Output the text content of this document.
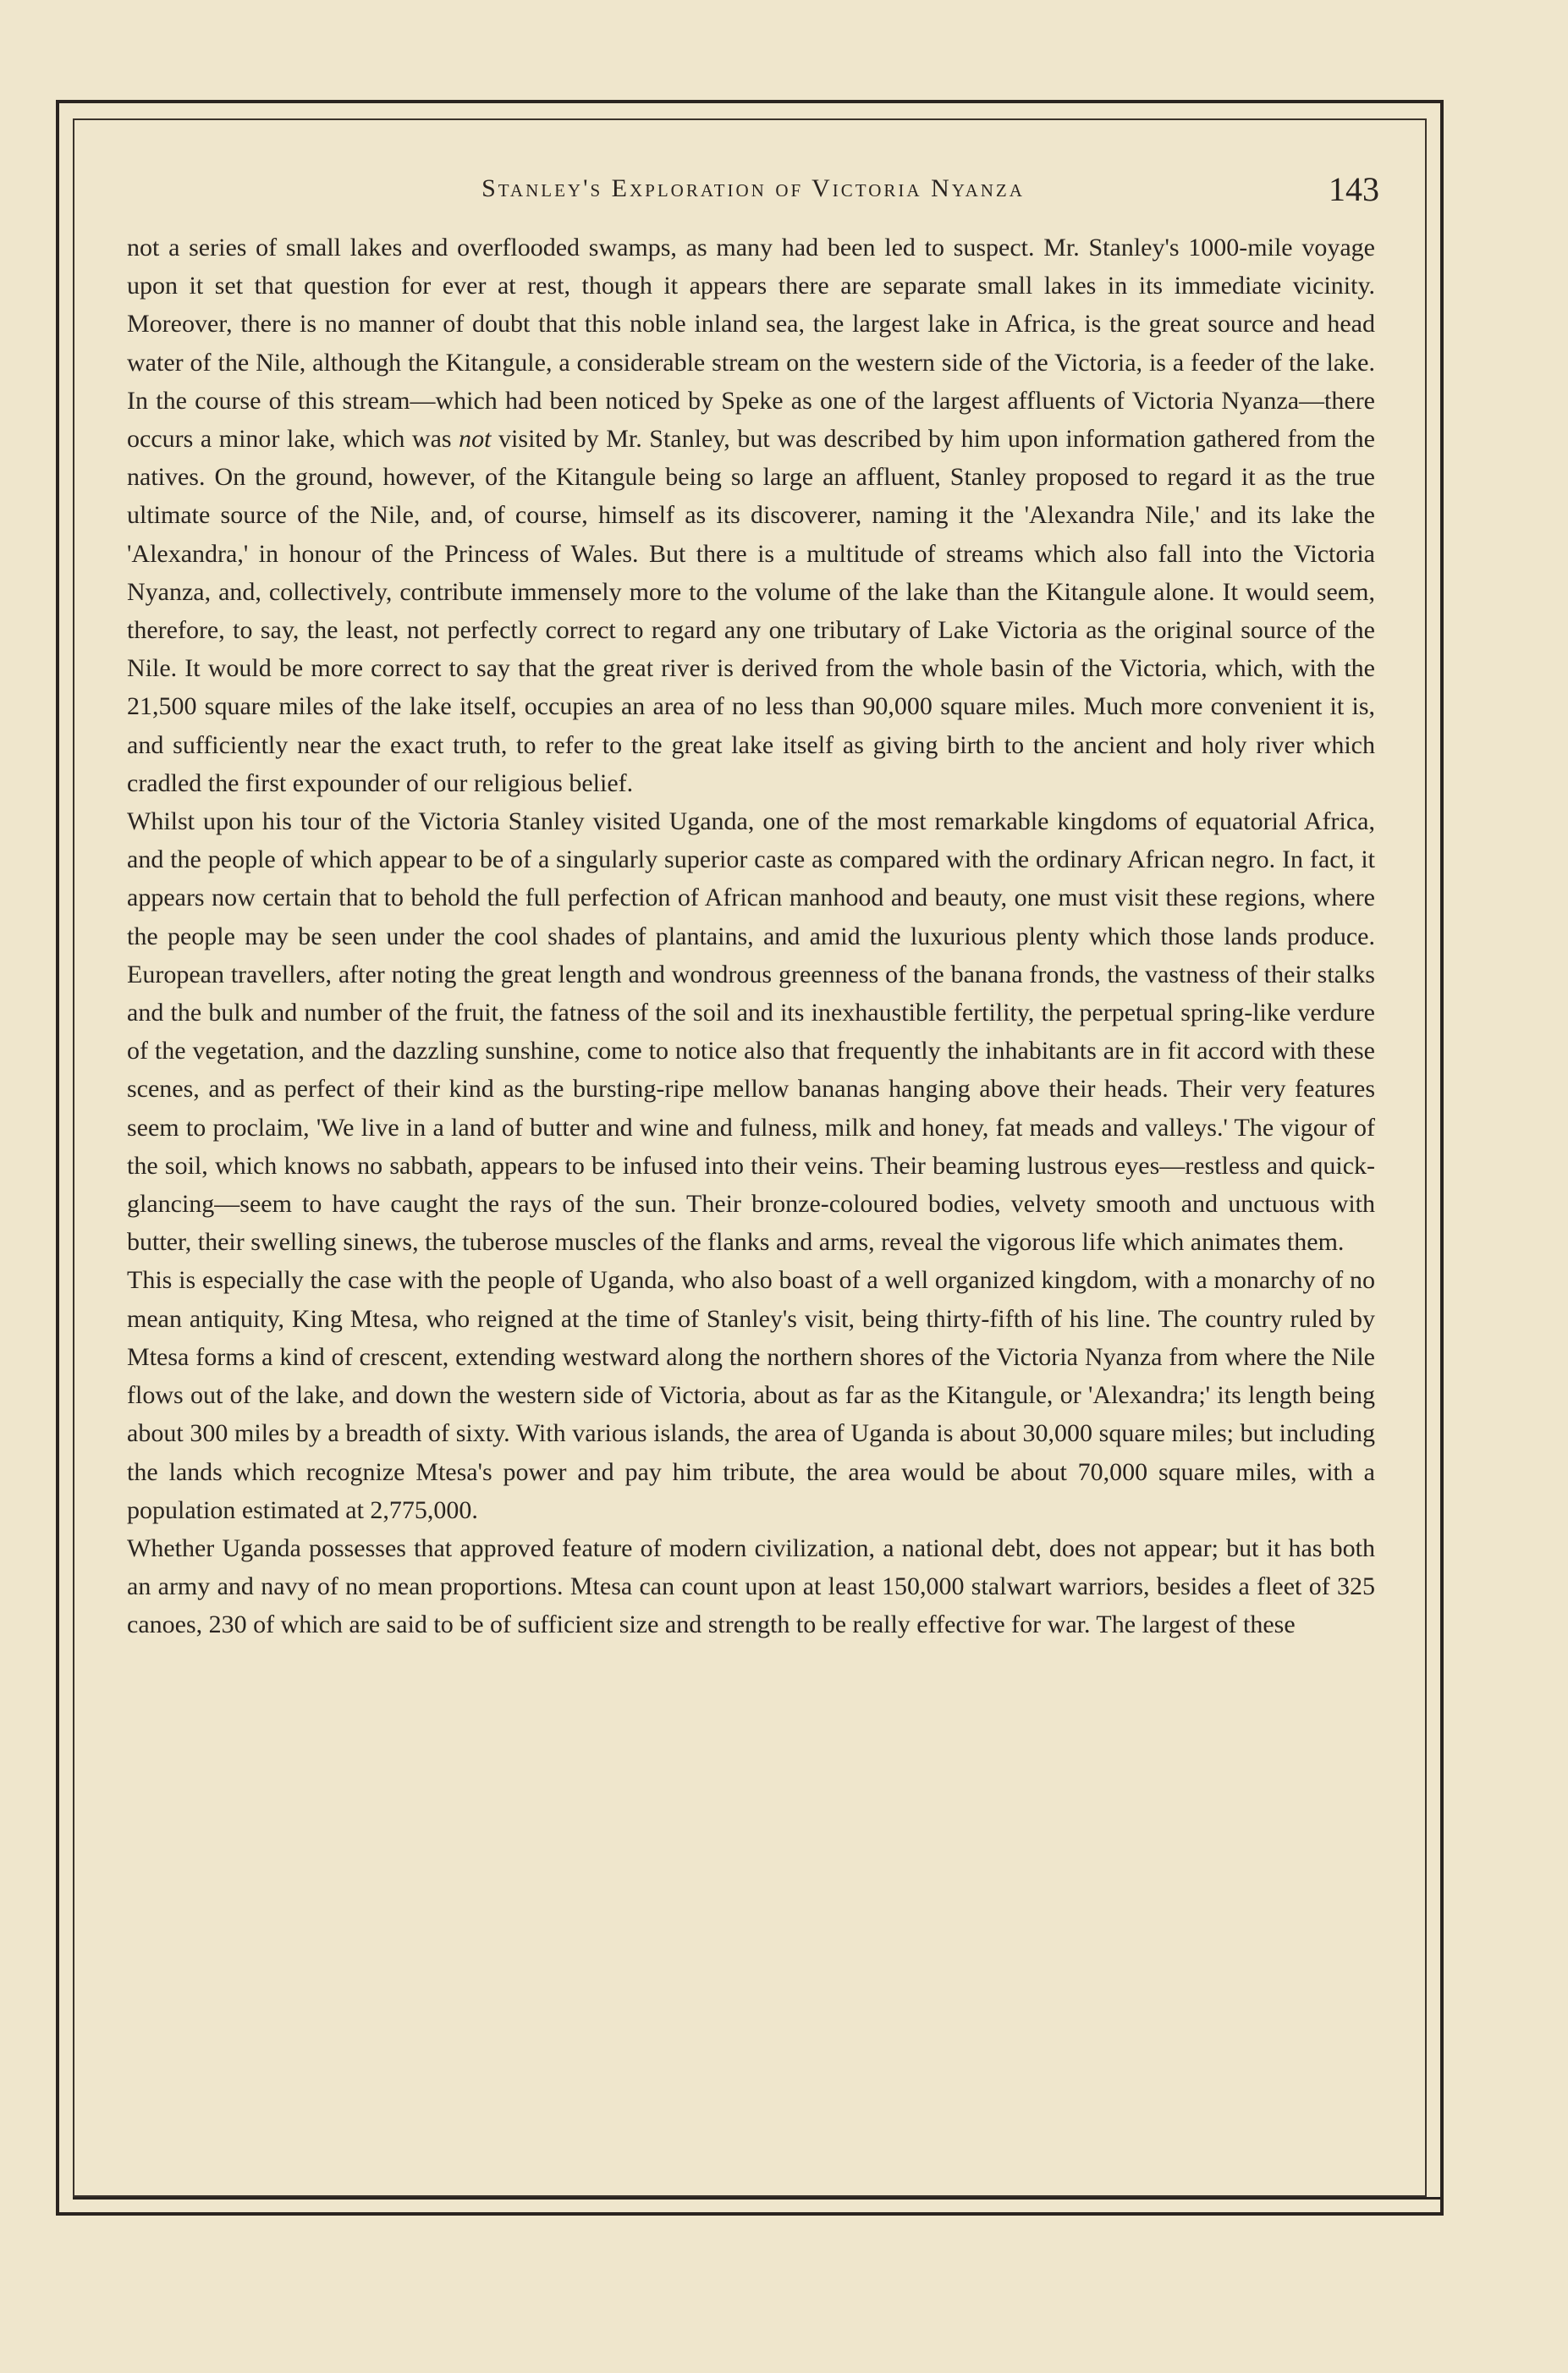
Stanley's Exploration of Victoria Nyanza	143

not a series of small lakes and overflooded swamps, as many had been led to suspect. Mr. Stanley's 1000-mile voyage upon it set that question for ever at rest, though it appears there are separate small lakes in its immediate vicinity. Moreover, there is no manner of doubt that this noble inland sea, the largest lake in Africa, is the great source and head water of the Nile, although the Kitangule, a considerable stream on the western side of the Victoria, is a feeder of the lake. In the course of this stream—which had been noticed by Speke as one of the largest affluents of Victoria Nyanza—there occurs a minor lake, which was not visited by Mr. Stanley, but was described by him upon information gathered from the natives. On the ground, however, of the Kitangule being so large an affluent, Stanley proposed to regard it as the true ultimate source of the Nile, and, of course, himself as its discoverer, naming it the 'Alexandra Nile,' and its lake the 'Alexandra,' in honour of the Princess of Wales. But there is a multitude of streams which also fall into the Victoria Nyanza, and, collectively, contribute immensely more to the volume of the lake than the Kitangule alone. It would seem, therefore, to say, the least, not perfectly correct to regard any one tributary of Lake Victoria as the original source of the Nile. It would be more correct to say that the great river is derived from the whole basin of the Victoria, which, with the 21,500 square miles of the lake itself, occupies an area of no less than 90,000 square miles. Much more convenient it is, and sufficiently near the exact truth, to refer to the great lake itself as giving birth to the ancient and holy river which cradled the first expounder of our religious belief.

Whilst upon his tour of the Victoria Stanley visited Uganda, one of the most remarkable kingdoms of equatorial Africa, and the people of which appear to be of a singularly superior caste as compared with the ordinary African negro. In fact, it appears now certain that to behold the full perfection of African manhood and beauty, one must visit these regions, where the people may be seen under the cool shades of plantains, and amid the luxurious plenty which those lands produce. European travellers, after noting the great length and wondrous greenness of the banana fronds, the vastness of their stalks and the bulk and number of the fruit, the fatness of the soil and its inexhaustible fertility, the perpetual spring-like verdure of the vegetation, and the dazzling sunshine, come to notice also that frequently the inhabitants are in fit accord with these scenes, and as perfect of their kind as the bursting-ripe mellow bananas hanging above their heads. Their very features seem to proclaim, 'We live in a land of butter and wine and fulness, milk and honey, fat meads and valleys.' The vigour of the soil, which knows no sabbath, appears to be infused into their veins. Their beaming lustrous eyes—restless and quick-glancing—seem to have caught the rays of the sun. Their bronze-coloured bodies, velvety smooth and unctuous with butter, their swelling sinews, the tuberose muscles of the flanks and arms, reveal the vigorous life which animates them.

This is especially the case with the people of Uganda, who also boast of a well organized kingdom, with a monarchy of no mean antiquity, King Mtesa, who reigned at the time of Stanley's visit, being thirty-fifth of his line. The country ruled by Mtesa forms a kind of crescent, extending westward along the northern shores of the Victoria Nyanza from where the Nile flows out of the lake, and down the western side of Victoria, about as far as the Kitangule, or 'Alexandra;' its length being about 300 miles by a breadth of sixty. With various islands, the area of Uganda is about 30,000 square miles; but including the lands which recognize Mtesa's power and pay him tribute, the area would be about 70,000 square miles, with a population estimated at 2,775,000.

Whether Uganda possesses that approved feature of modern civilization, a national debt, does not appear; but it has both an army and navy of no mean proportions. Mtesa can count upon at least 150,000 stalwart warriors, besides a fleet of 325 canoes, 230 of which are said to be of sufficient size and strength to be really effective for war. The largest of these
